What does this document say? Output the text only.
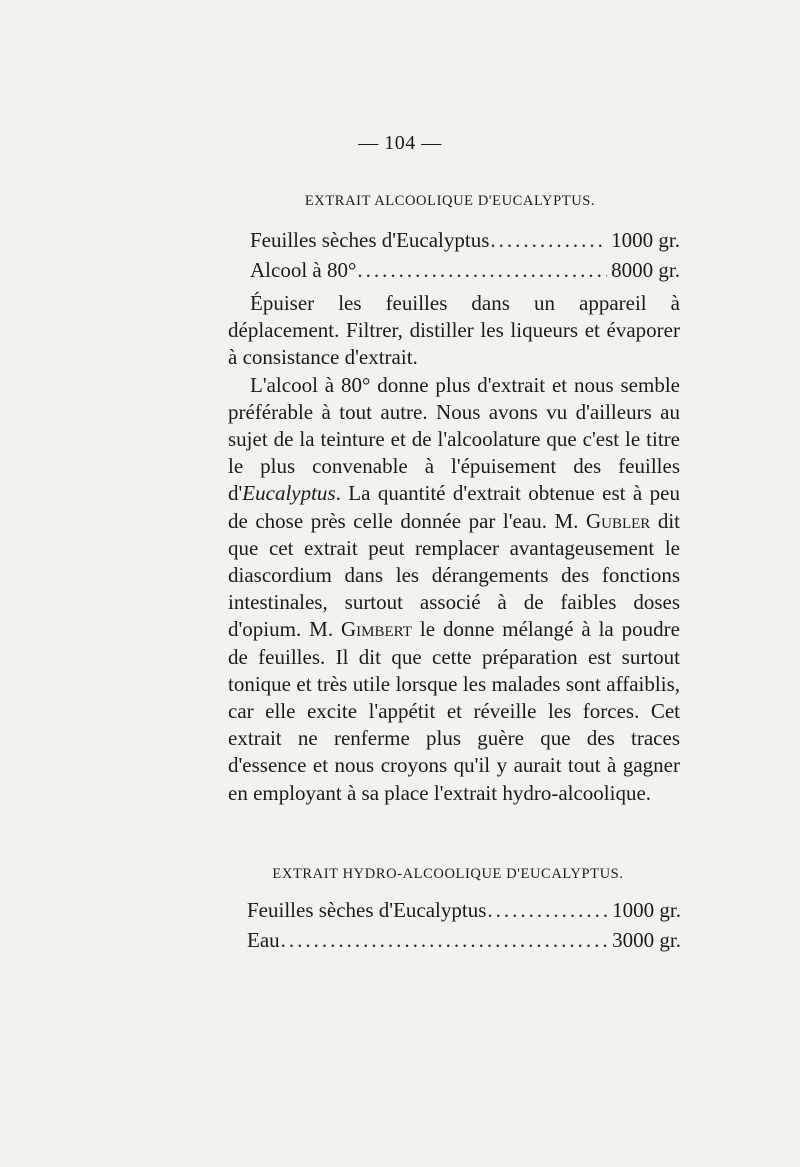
— 104 —
EXTRAIT ALCOOLIQUE D'EUCALYPTUS.
Feuilles sèches d'Eucalyptus .....	1000 gr.
Alcool à 80° .....	8000 gr.

Épuiser les feuilles dans un appareil à déplacement. Filtrer, distiller les liqueurs et évaporer à consistance d'extrait.

L'alcool à 80° donne plus d'extrait et nous semble préférable à tout autre. Nous avons vu d'ailleurs au sujet de la teinture et de l'alcoolature que c'est le titre le plus convenable à l'épuisement des feuilles d'Eucalyptus. La quantité d'extrait obtenue est à peu de chose près celle donnée par l'eau. M. Gubler dit que cet extrait peut remplacer avantageusement le diascordium dans les dérangements des fonctions intestinales, surtout associé à de faibles doses d'opium. M. Gimbert le donne mélangé à la poudre de feuilles. Il dit que cette préparation est surtout tonique et très utile lorsque les malades sont affaiblis, car elle excite l'appétit et réveille les forces. Cet extrait ne renferme plus guère que des traces d'essence et nous croyons qu'il y aurait tout à gagner en employant à sa place l'extrait hydro-alcoolique.

EXTRAIT HYDRO-ALCOOLIQUE D'EUCALYPTUS.
Feuilles sèches d'Eucalyptus .....	1000 gr.
Eau .....	3000 gr.
